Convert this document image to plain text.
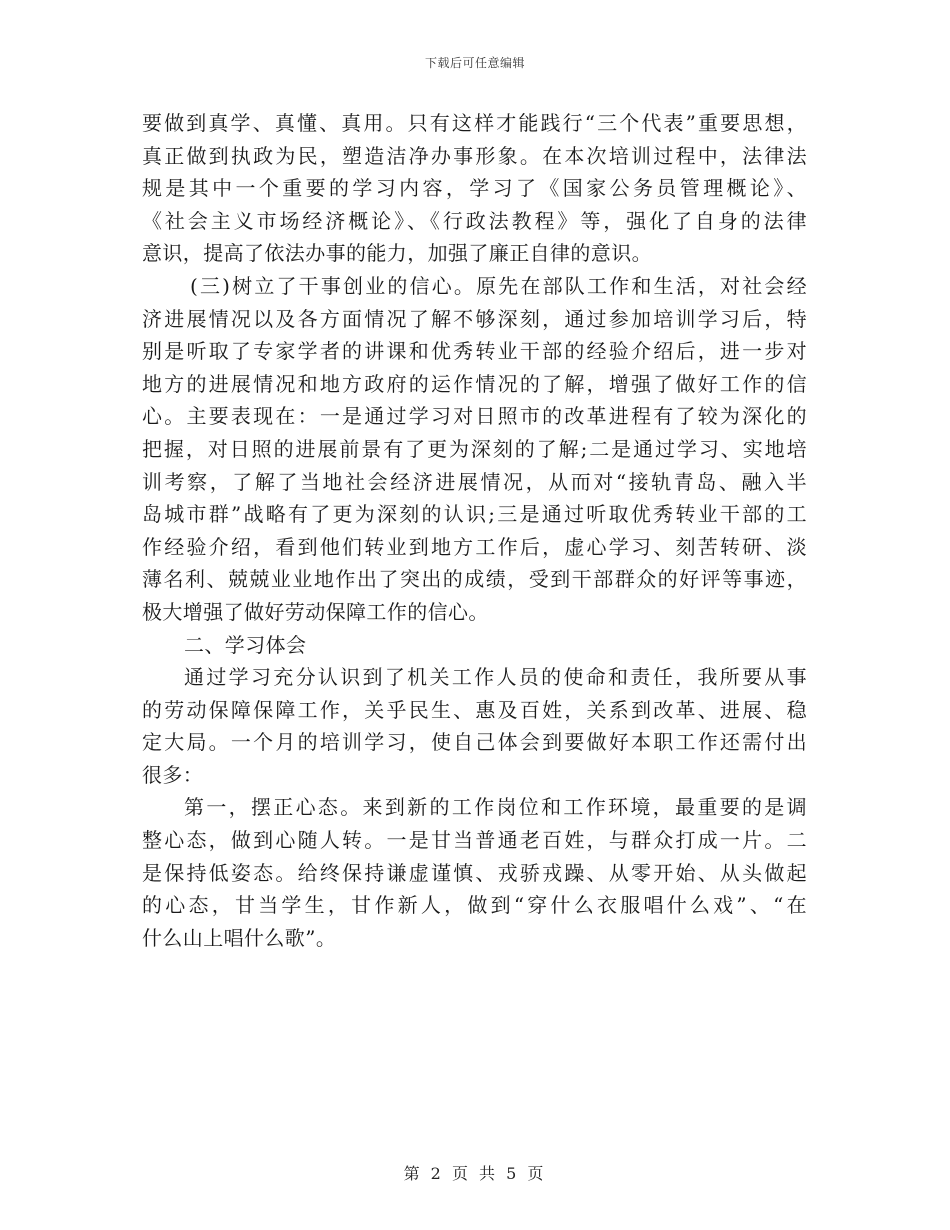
下载后可任意编辑
要做到真学、真懂、真用。只有这样才能践行“三个代表”重要思想，
真正做到执政为民，塑造洁净办事形象。在本次培训过程中，法律法
规是其中一个重要的学习内容，学习了《国家公务员管理概论》、
《社会主义市场经济概论》、《行政法教程》等，强化了自身的法律
意识，提高了依法办事的能力，加强了廉正自律的意识。
(三)树立了干事创业的信心。原先在部队工作和生活，对社会经
济进展情况以及各方面情况了解不够深刻，通过参加培训学习后，特
别是听取了专家学者的讲课和优秀转业干部的经验介绍后，进一步对
地方的进展情况和地方政府的运作情况的了解，增强了做好工作的信
心。主要表现在：一是通过学习对日照市的改革进程有了较为深化的
把握，对日照的进展前景有了更为深刻的了解;二是通过学习、实地培
训考察，了解了当地社会经济进展情况，从而对“接轨青岛、融入半
岛城市群”战略有了更为深刻的认识;三是通过听取优秀转业干部的工
作经验介绍，看到他们转业到地方工作后，虚心学习、刻苦转研、淡
薄名利、兢兢业业地作出了突出的成绩，受到干部群众的好评等事迹，
极大增强了做好劳动保障工作的信心。
二、学习体会
通过学习充分认识到了机关工作人员的使命和责任，我所要从事
的劳动保障保障工作，关乎民生、惠及百姓，关系到改革、进展、稳
定大局。一个月的培训学习，使自己体会到要做好本职工作还需付出
很多：
第一，摆正心态。来到新的工作岗位和工作环境，最重要的是调
整心态，做到心随人转。一是甘当普通老百姓，与群众打成一片。二
是保持低姿态。给终保持谦虚谨慎、戎骄戎躁、从零开始、从头做起
的心态，甘当学生，甘作新人，做到“穿什么衣服唱什么戏”、“在
什么山上唱什么歌”。
第 2 页 共 5 页
